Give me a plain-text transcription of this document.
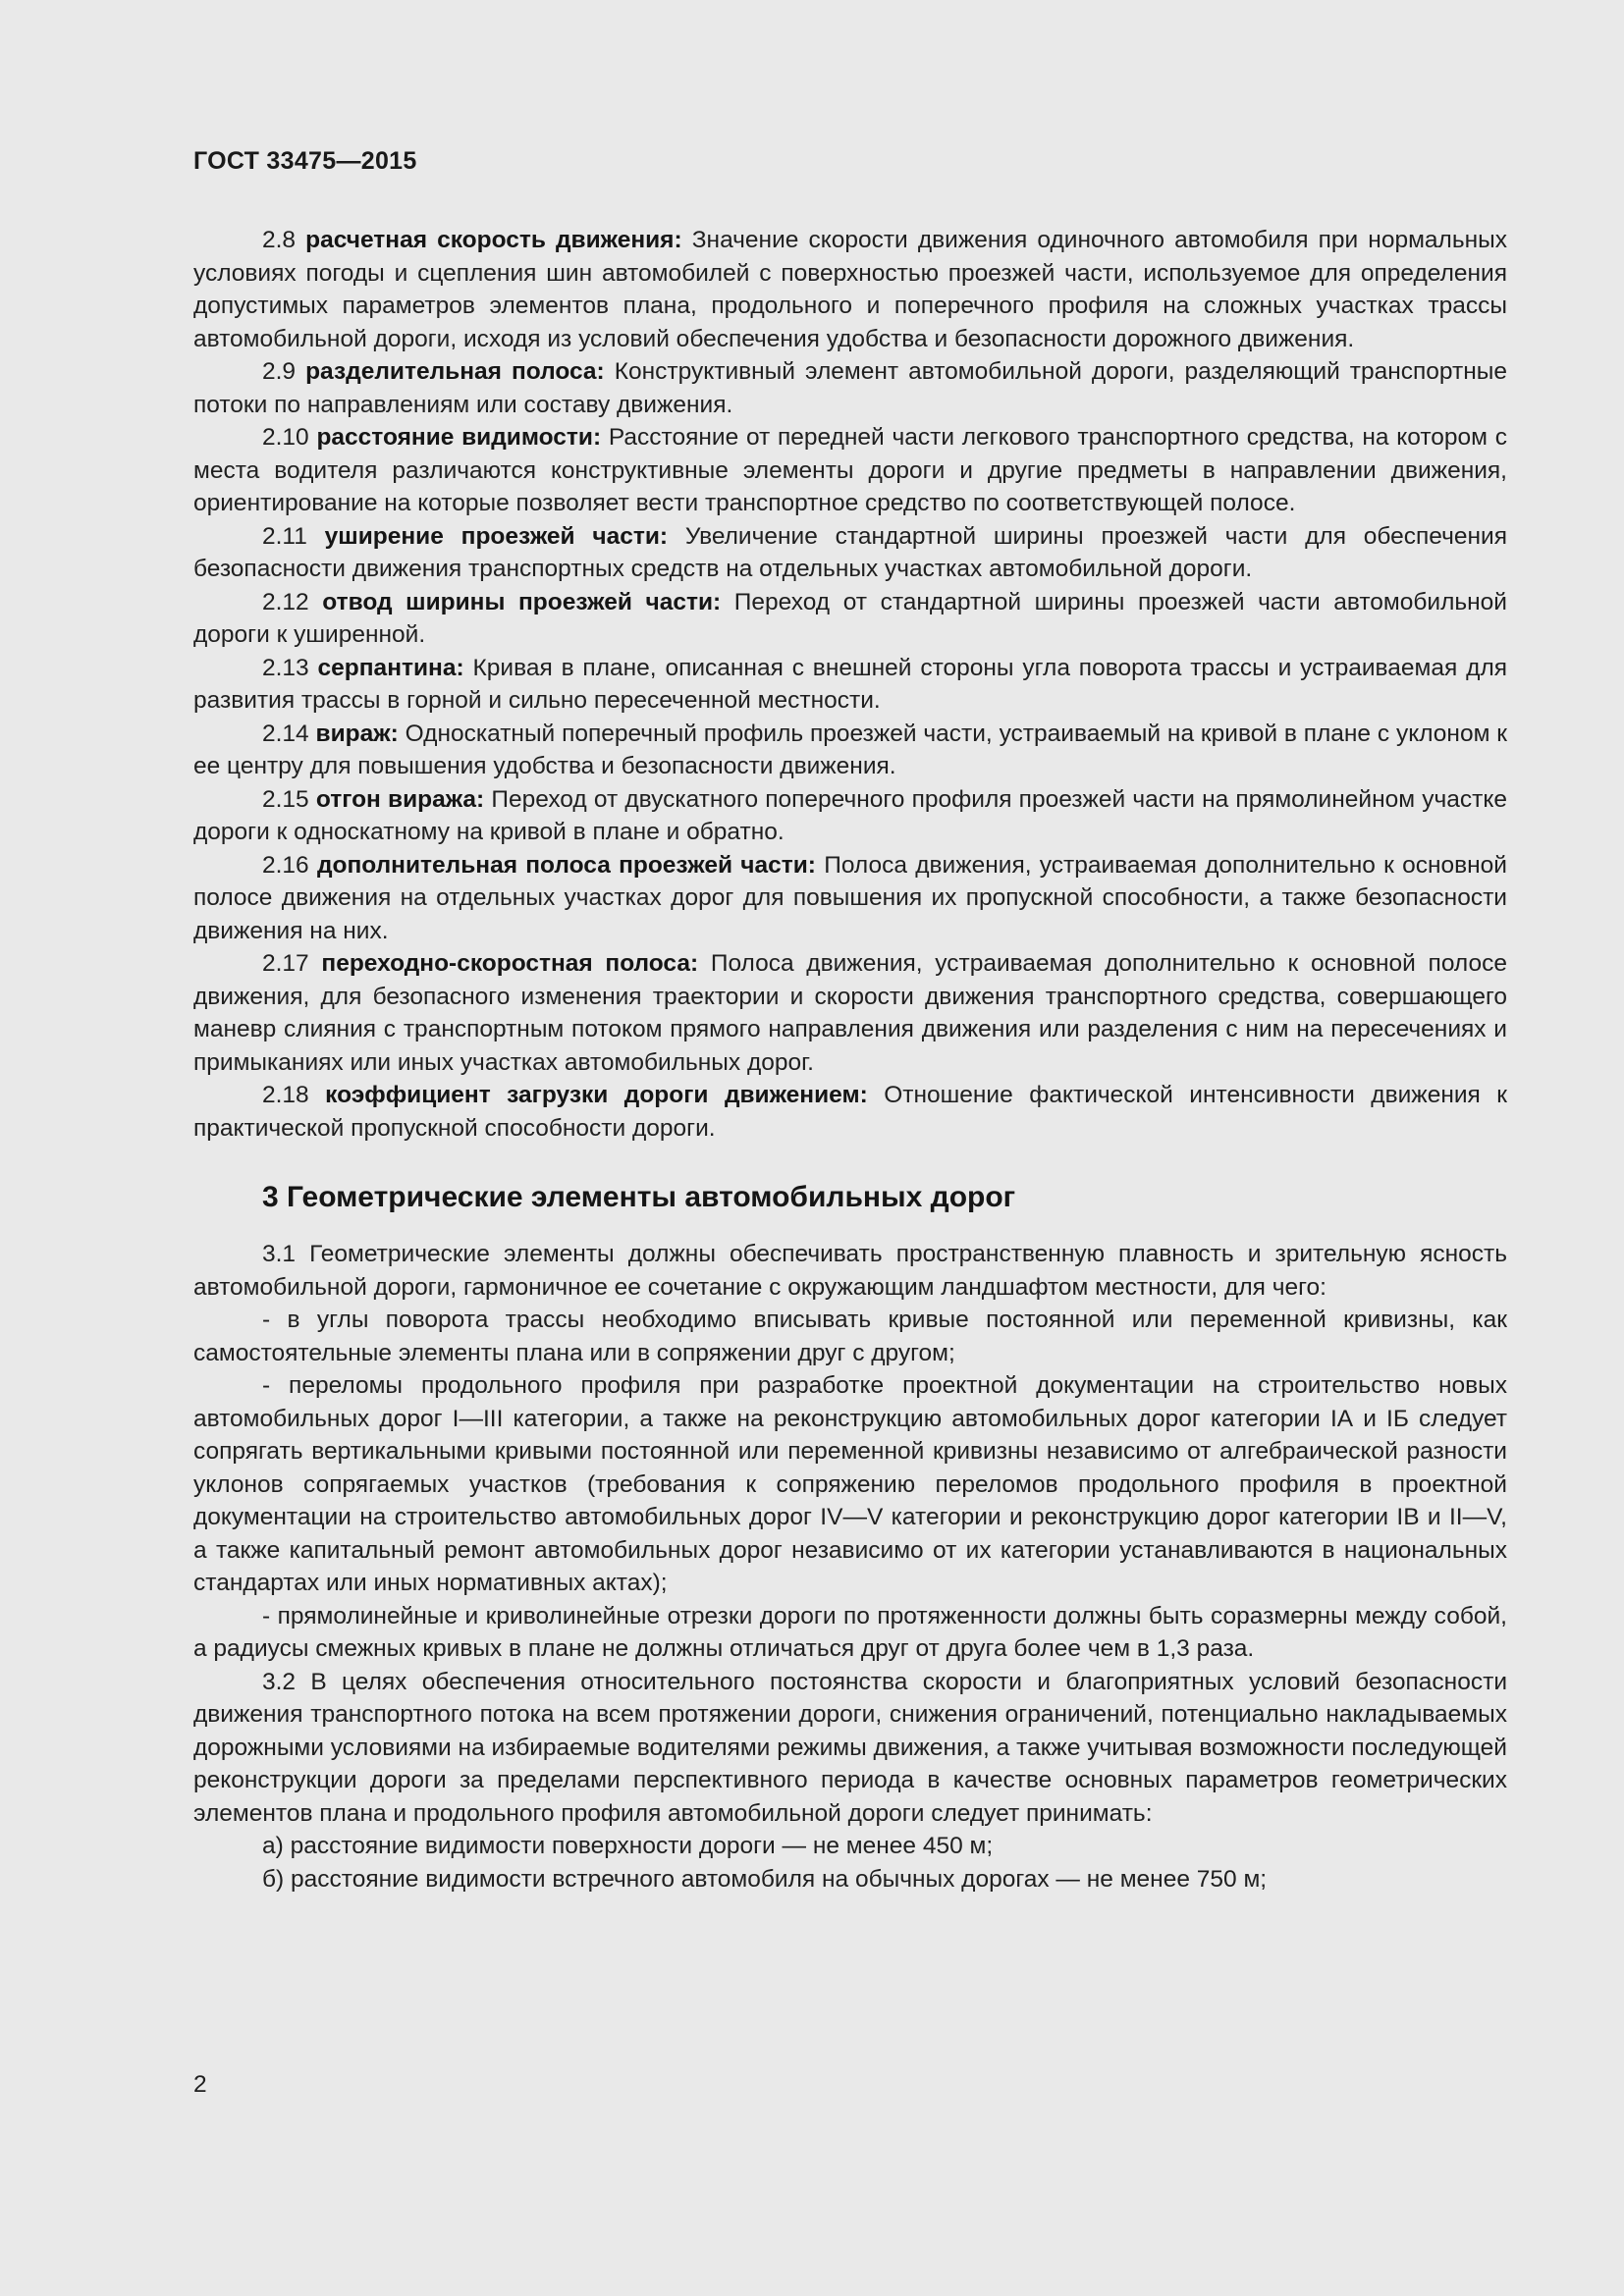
ГОСТ 33475—2015

2.8 расчетная скорость движения: Значение скорости движения одиночного автомобиля при нормальных условиях погоды и сцепления шин автомобилей с поверхностью проезжей части, используемое для определения допустимых параметров элементов плана, продольного и поперечного профиля на сложных участках трассы автомобильной дороги, исходя из условий обеспечения удобства и безопасности дорожного движения.

2.9 разделительная полоса: Конструктивный элемент автомобильной дороги, разделяющий транспортные потоки по направлениям или составу движения.

2.10 расстояние видимости: Расстояние от передней части легкового транспортного средства, на котором с места водителя различаются конструктивные элементы дороги и другие предметы в направлении движения, ориентирование на которые позволяет вести транспортное средство по соответствующей полосе.

2.11 уширение проезжей части: Увеличение стандартной ширины проезжей части для обеспечения безопасности движения транспортных средств на отдельных участках автомобильной дороги.

2.12 отвод ширины проезжей части: Переход от стандартной ширины проезжей части автомобильной дороги к уширенной.

2.13 серпантина: Кривая в плане, описанная с внешней стороны угла поворота трассы и устраиваемая для развития трассы в горной и сильно пересеченной местности.

2.14 вираж: Односкатный поперечный профиль проезжей части, устраиваемый на кривой в плане с уклоном к ее центру для повышения удобства и безопасности движения.

2.15 отгон виража: Переход от двускатного поперечного профиля проезжей части на прямолинейном участке дороги к односкатному на кривой в плане и обратно.

2.16 дополнительная полоса проезжей части: Полоса движения, устраиваемая дополнительно к основной полосе движения на отдельных участках дорог для повышения их пропускной способности, а также безопасности движения на них.

2.17 переходно-скоростная полоса: Полоса движения, устраиваемая дополнительно к основной полосе движения, для безопасного изменения траектории и скорости движения транспортного средства, совершающего маневр слияния с транспортным потоком прямого направления движения или разделения с ним на пересечениях и примыканиях или иных участках автомобильных дорог.

2.18 коэффициент загрузки дороги движением: Отношение фактической интенсивности движения к практической пропускной способности дороги.

3 Геометрические элементы автомобильных дорог

3.1 Геометрические элементы должны обеспечивать пространственную плавность и зрительную ясность автомобильной дороги, гармоничное ее сочетание с окружающим ландшафтом местности, для чего:

- в углы поворота трассы необходимо вписывать кривые постоянной или переменной кривизны, как самостоятельные элементы плана или в сопряжении друг с другом;

- переломы продольного профиля при разработке проектной документации на строительство новых автомобильных дорог I—III категории, а также на реконструкцию автомобильных дорог категории IА и IБ следует сопрягать вертикальными кривыми постоянной или переменной кривизны независимо от алгебраической разности уклонов сопрягаемых участков (требования к сопряжению переломов продольного профиля в проектной документации на строительство автомобильных дорог IV—V категории и реконструкцию дорог категории IВ и II—V, а также капитальный ремонт автомобильных дорог независимо от их категории устанавливаются в национальных стандартах или иных нормативных актах);

- прямолинейные и криволинейные отрезки дороги по протяженности должны быть соразмерны между собой, а радиусы смежных кривых в плане не должны отличаться друг от друга более чем в 1,3 раза.

3.2 В целях обеспечения относительного постоянства скорости и благоприятных условий безопасности движения транспортного потока на всем протяжении дороги, снижения ограничений, потенциально накладываемых дорожными условиями на избираемые водителями режимы движения, а также учитывая возможности последующей реконструкции дороги за пределами перспективного периода в качестве основных параметров геометрических элементов плана и продольного профиля автомобильной дороги следует принимать:

а) расстояние видимости поверхности дороги — не менее 450 м;

б) расстояние видимости встречного автомобиля на обычных дорогах — не менее 750 м;

2
